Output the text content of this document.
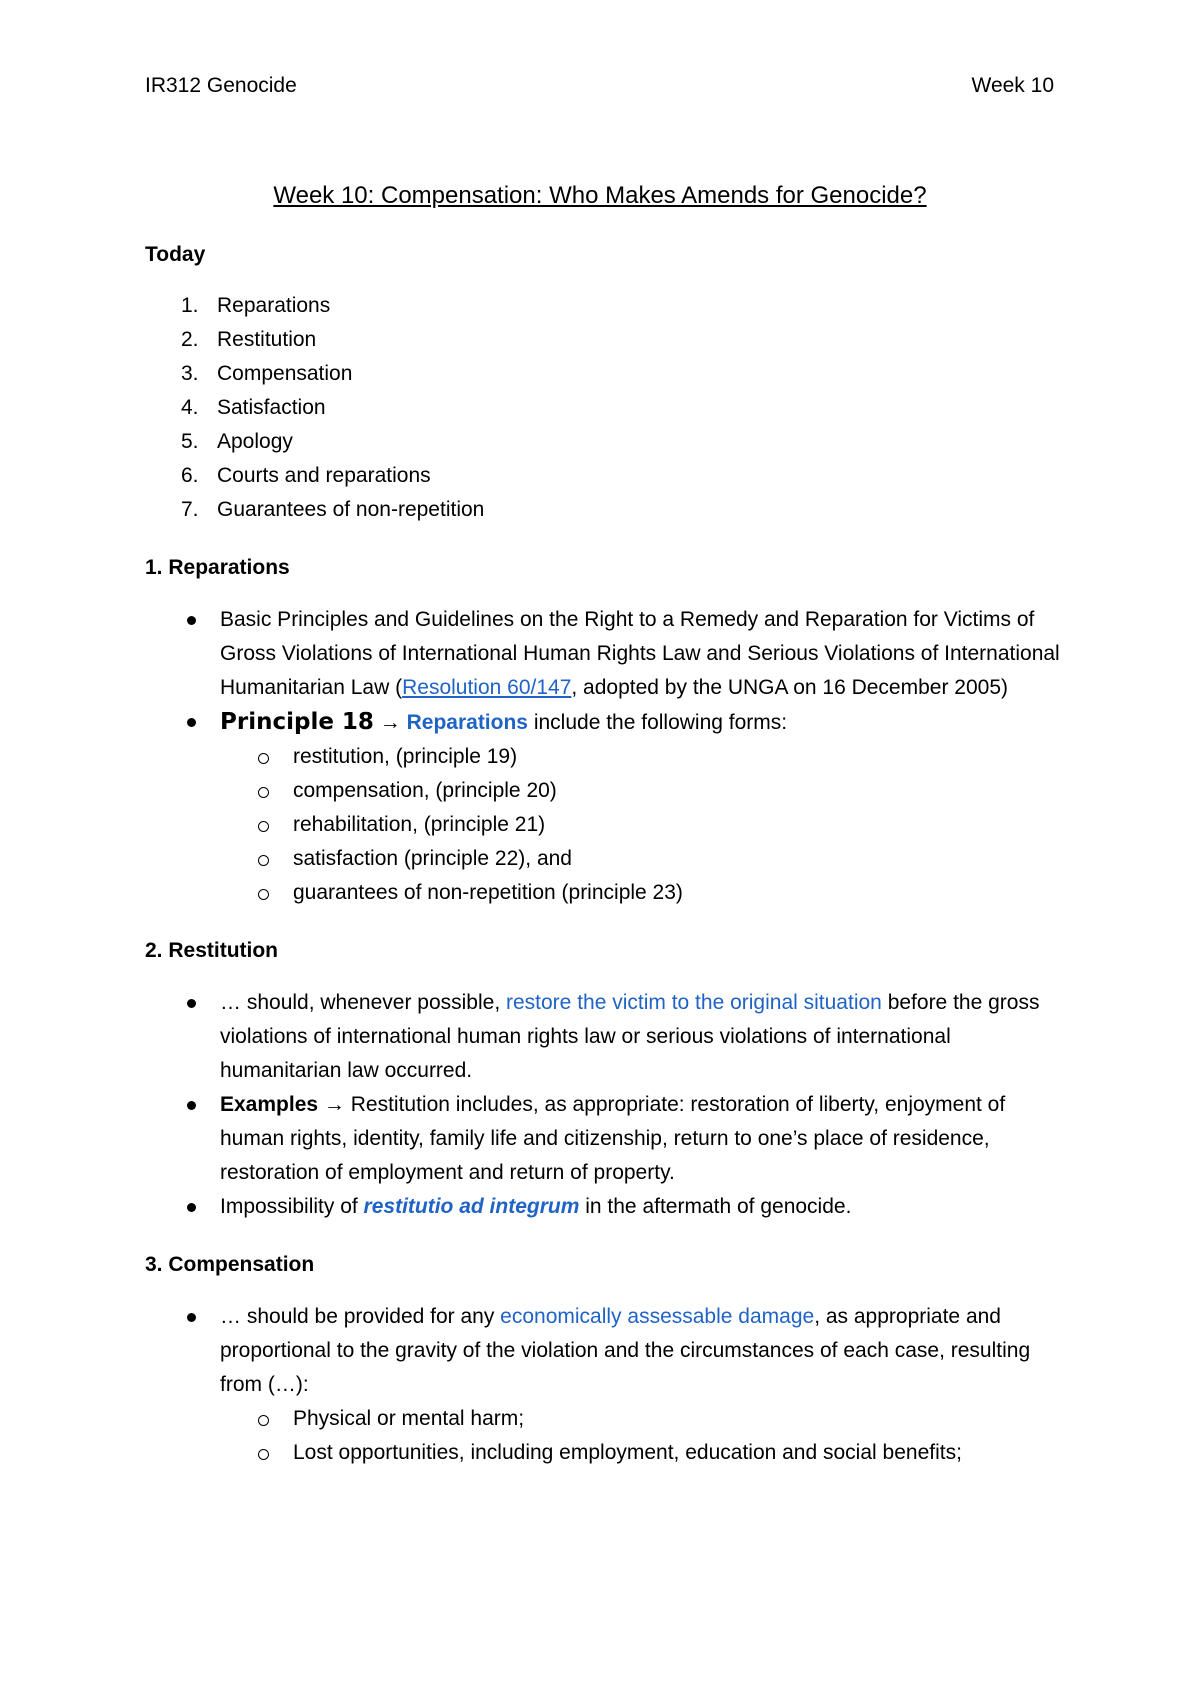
IR312 Genocide	Week 10
Week 10: Compensation: Who Makes Amends for Genocide?

Today

1. Reparations
2. Restitution
3. Compensation
4. Satisfaction
5. Apology
6. Courts and reparations
7. Guarantees of non-repetition

1. Reparations

Basic Principles and Guidelines on the Right to a Remedy and Reparation for Victims of Gross Violations of International Human Rights Law and Serious Violations of International Humanitarian Law (Resolution 60/147, adopted by the UNGA on 16 December 2005)
Principle 18 → Reparations include the following forms:
restitution, (principle 19)
compensation, (principle 20)
rehabilitation, (principle 21)
satisfaction (principle 22), and
guarantees of non-repetition (principle 23)

2. Restitution

… should, whenever possible, restore the victim to the original situation before the gross violations of international human rights law or serious violations of international humanitarian law occurred.
Examples → Restitution includes, as appropriate: restoration of liberty, enjoyment of human rights, identity, family life and citizenship, return to one’s place of residence, restoration of employment and return of property.
Impossibility of restitutio ad integrum in the aftermath of genocide.

3. Compensation

… should be provided for any economically assessable damage, as appropriate and proportional to the gravity of the violation and the circumstances of each case, resulting from (…):
Physical or mental harm;
Lost opportunities, including employment, education and social benefits;
